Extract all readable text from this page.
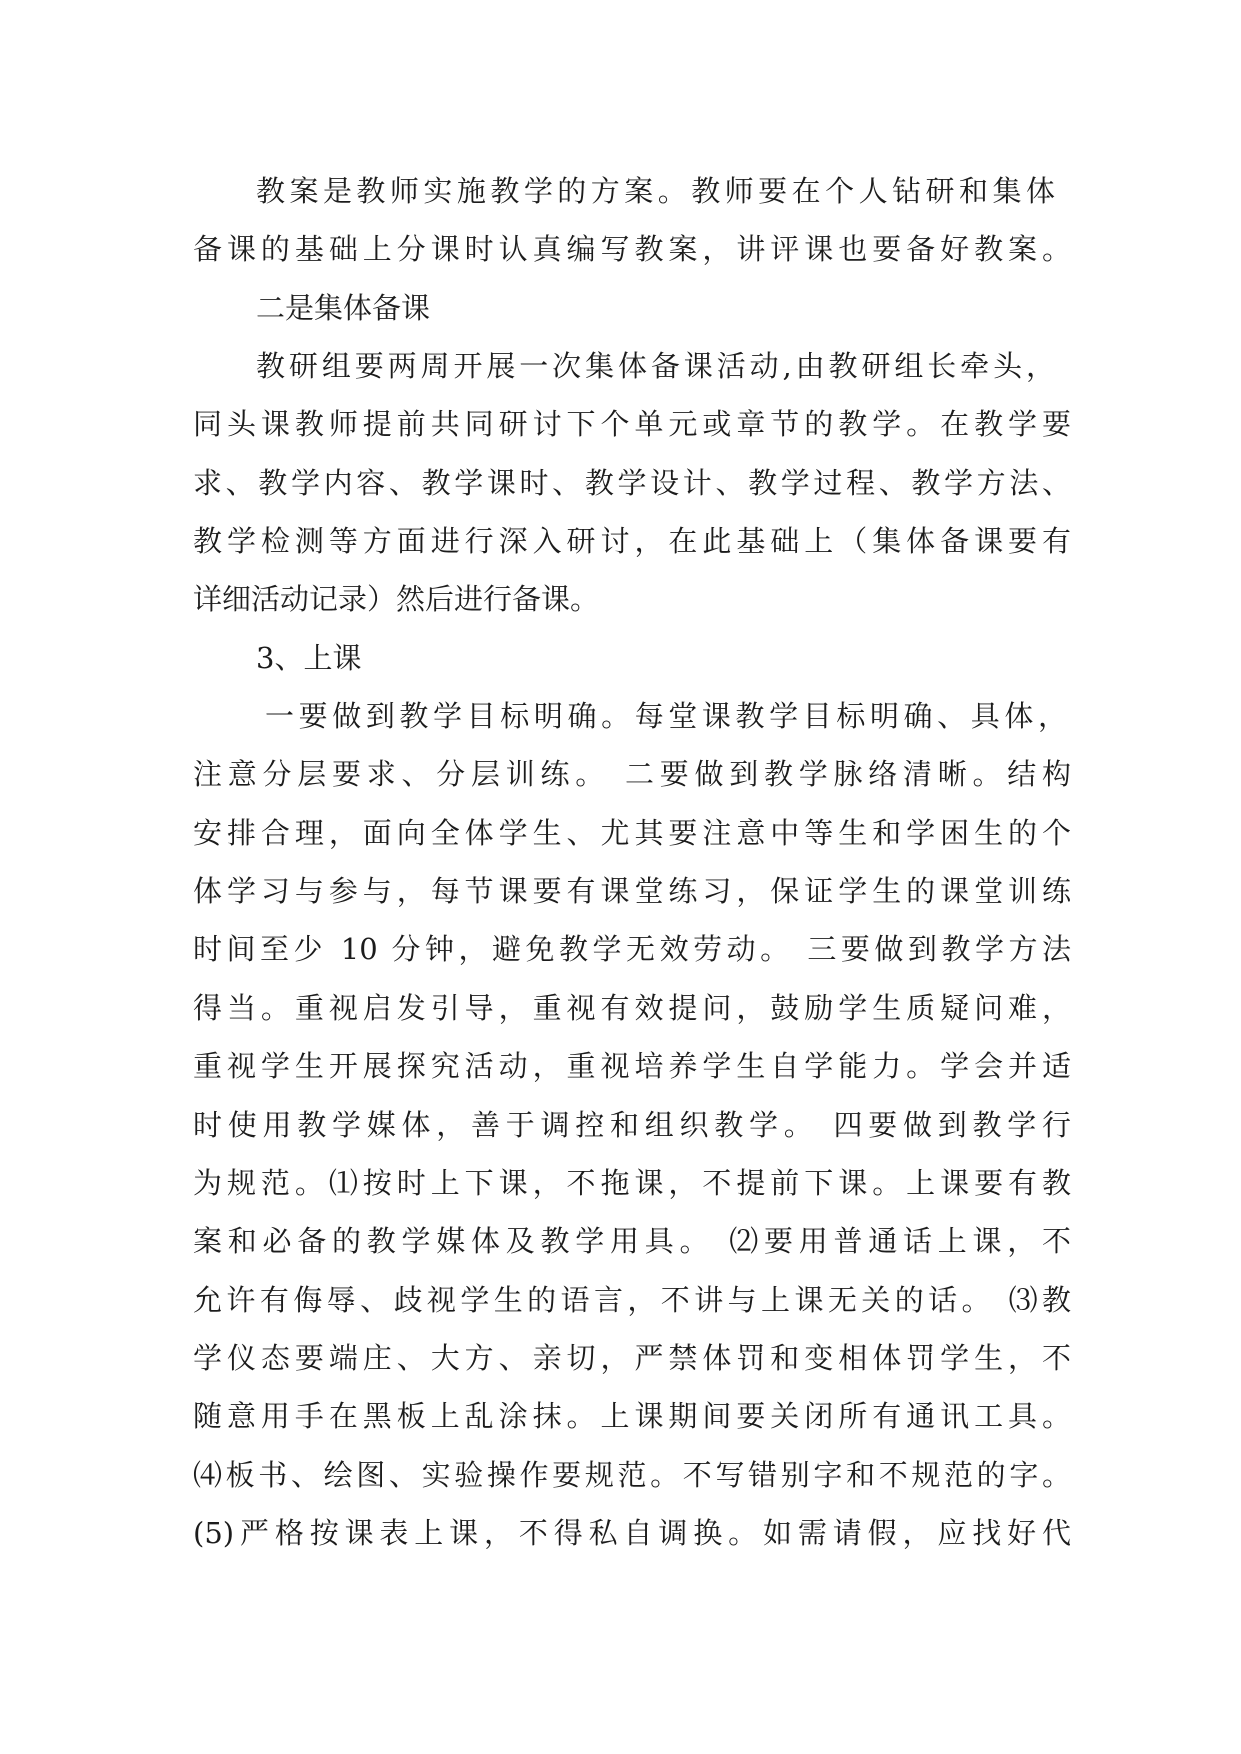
教案是教师实施教学的方案。教师要在个人钻研和集体
备课的基础上分课时认真编写教案，讲评课也要备好教案。
二是集体备课
教研组要两周开展一次集体备课活动,由教研组长牵头，
同头课教师提前共同研讨下个单元或章节的教学。在教学要
求、教学内容、教学课时、教学设计、教学过程、教学方法、
教学检测等方面进行深入研讨，在此基础上（集体备课要有
详细活动记录）然后进行备课。
3、上课
一要做到教学目标明确。每堂课教学目标明确、具体，
注意分层要求、分层训练。 二要做到教学脉络清晰。结构
安排合理，面向全体学生、尤其要注意中等生和学困生的个
体学习与参与，每节课要有课堂练习，保证学生的课堂训练
时间至少 10 分钟，避免教学无效劳动。 三要做到教学方法
得当。重视启发引导，重视有效提问，鼓励学生质疑问难，
重视学生开展探究活动，重视培养学生自学能力。学会并适
时使用教学媒体，善于调控和组织教学。 四要做到教学行
为规范。⑴按时上下课，不拖课，不提前下课。上课要有教
案和必备的教学媒体及教学用具。 ⑵要用普通话上课，不
允许有侮辱、歧视学生的语言，不讲与上课无关的话。 ⑶教
学仪态要端庄、大方、亲切，严禁体罚和变相体罚学生，不
随意用手在黑板上乱涂抹。上课期间要关闭所有通讯工具。
⑷板书、绘图、实验操作要规范。不写错别字和不规范的字。
(5)严格按课表上课，不得私自调换。如需请假，应找好代
